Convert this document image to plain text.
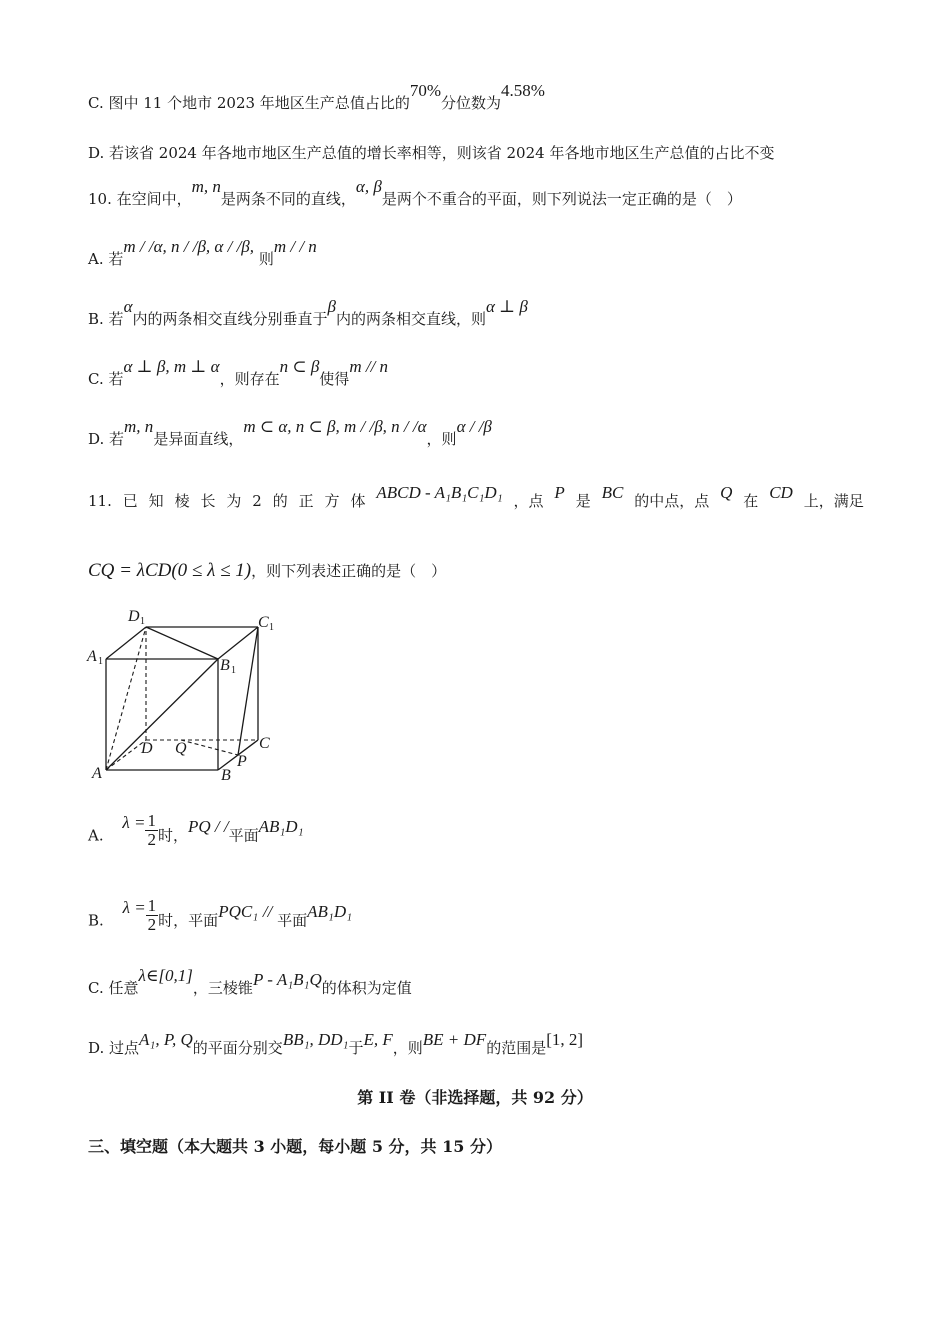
C. 图中 11 个地市 2023 年地区生产总值占比的70%分位数为4.58%
D. 若该省 2024 年各地市地区生产总值的增长率相等，则该省 2024 年各地市地区生产总值的占比不变
10. 在空间中，m, n是两条不同的直线，α, β是两个不重合的平面，则下列说法一定正确的是（　）
A. 若m / /α, n / /β, α / /β, 则m / / n
B. 若α内的两条相交直线分别垂直于β内的两条相交直线，则α ⊥ β
C. 若α ⊥ β, m ⊥ α，则存在n ⊂ β使得m // n
D. 若m, n是异面直线，m ⊂ α, n ⊂ β, m / /β, n / /α，则α / /β
11. 已 知 棱 长 为 2 的 正 方 体 ABCD - A₁B₁C₁D₁ ，点 P 是 BC 的中点，点 Q 在 CD 上，满足
CQ = λCD(0 ≤ λ ≤ 1)，则下列表述正确的是（　）
D 1	C 1
A 1	B 1
D Q	C
A	B
P
A. $\lambda = \frac{1}{2}$ 时，PQ / /平面AB₁D₁
B. $\lambda = \frac{1}{2}$ 时，平面PQC₁ // 平面AB₁D₁
C. 任意λ∈[0,1]，三棱锥P - A₁B₁Q的体积为定值
D. 过点A₁, P, Q的平面分别交BB₁, DD₁于E, F，则BE + DF的范围是[1, 2]
第 II 卷（非选择题，共 92 分）
三、填空题（本大题共 3 小题，每小题 5 分，共 15 分）
